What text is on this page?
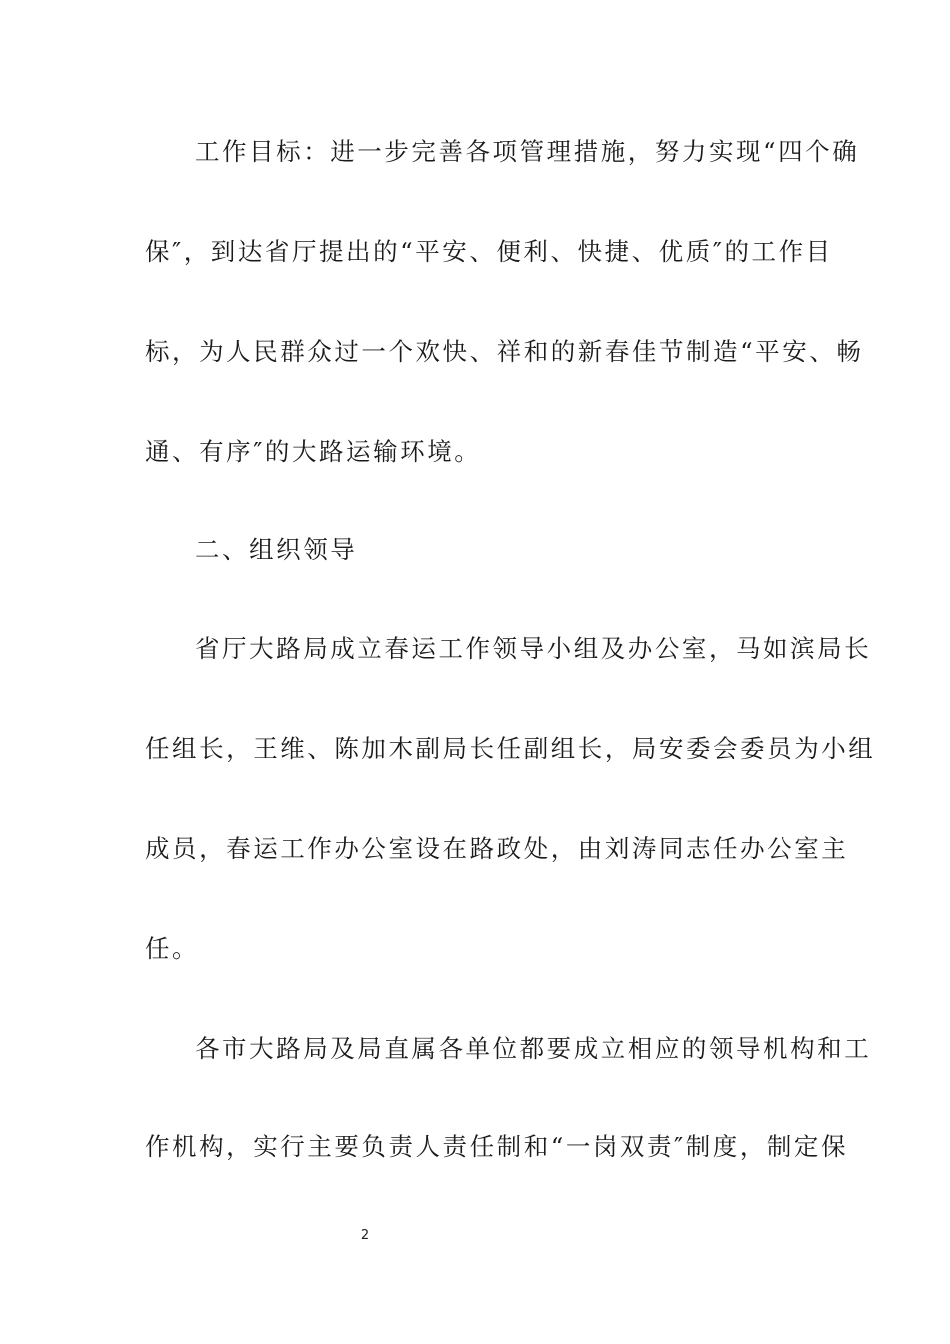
工作目标：进一步完善各项管理措施，努力实现“四个确
保″，到达省厅提出的“平安、便利、快捷、优质″的工作目
标，为人民群众过一个欢快、祥和的新春佳节制造“平安、畅
通、有序″的大路运输环境。
二、组织领导
省厅大路局成立春运工作领导小组及办公室，马如滨局长
任组长，王维、陈加木副局长任副组长，局安委会委员为小组
成员，春运工作办公室设在路政处，由刘涛同志任办公室主
任。
各市大路局及局直属各单位都要成立相应的领导机构和工
作机构，实行主要负责人责任制和“一岗双责″制度，制定保
2
